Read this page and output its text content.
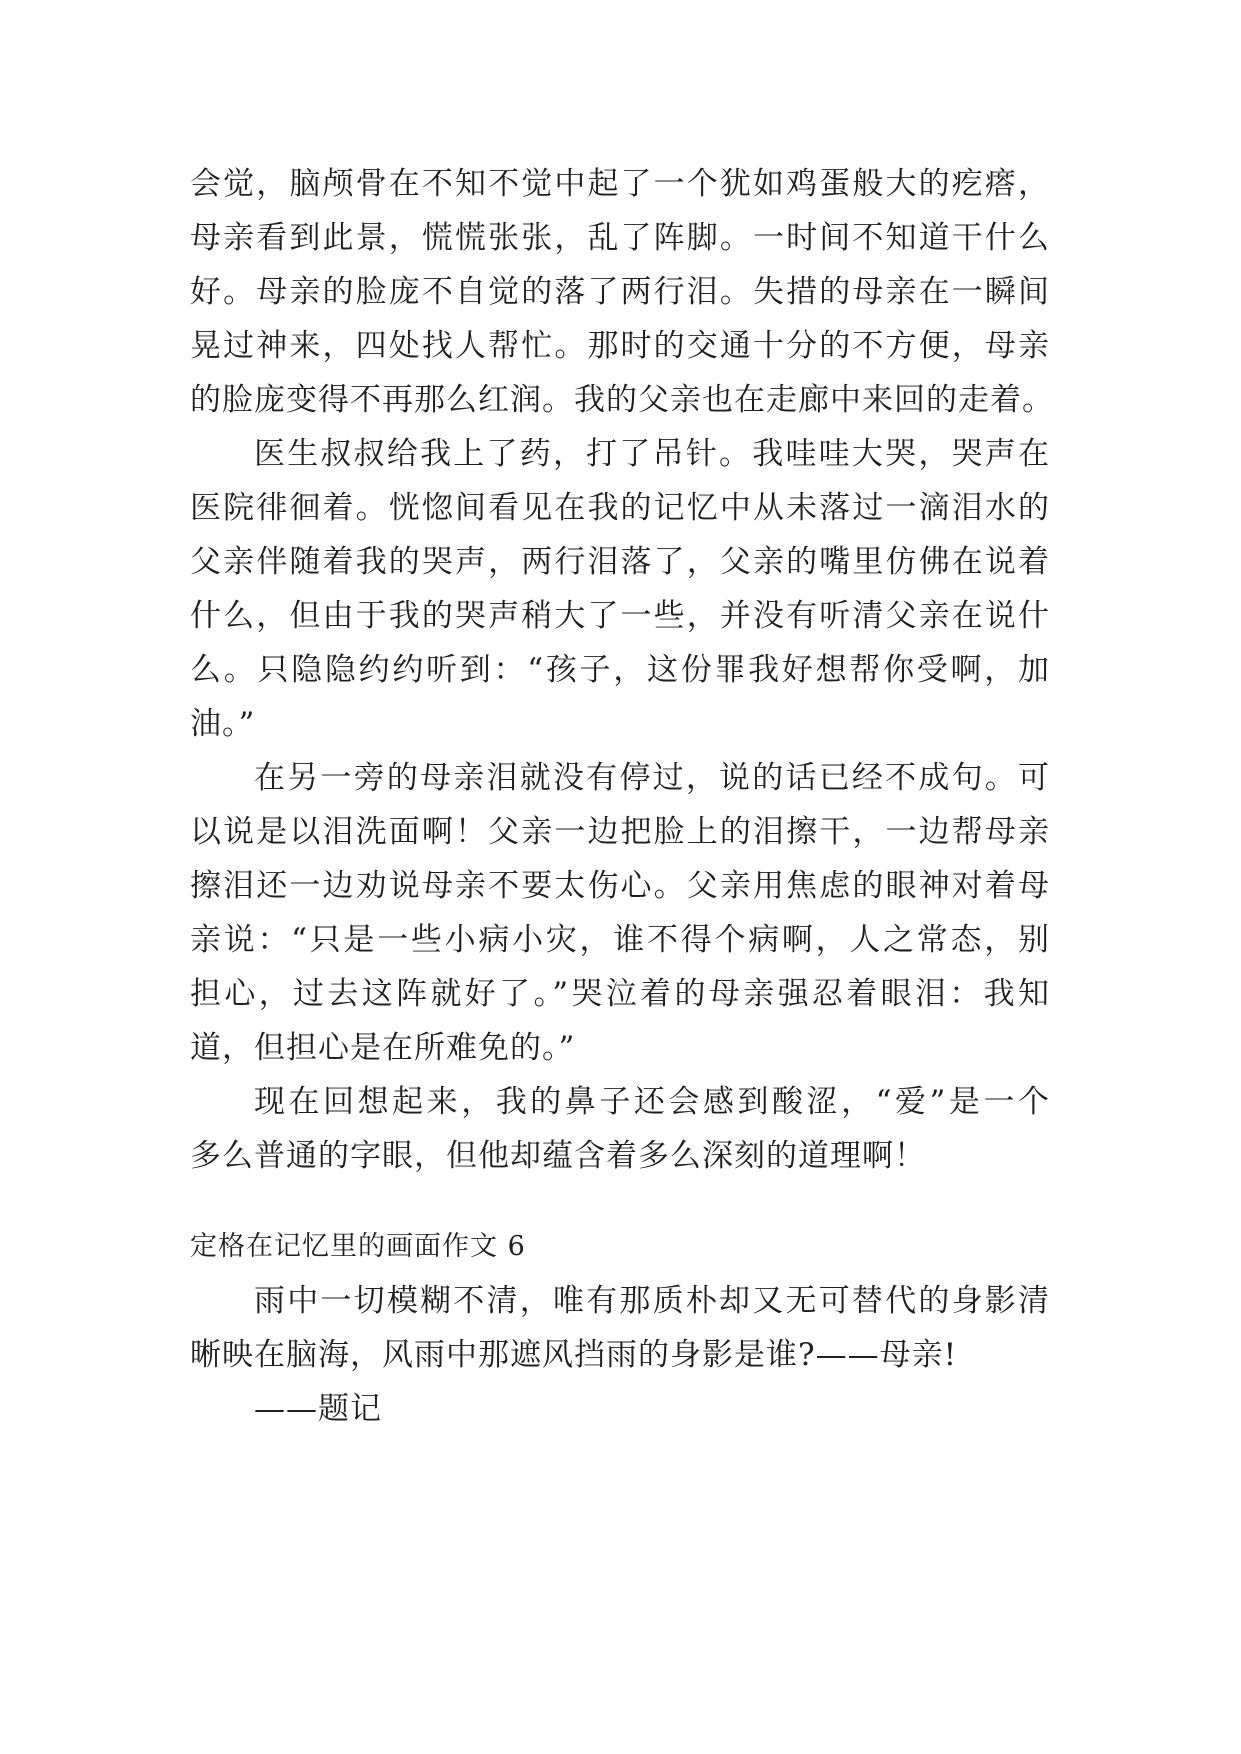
会觉，脑颅骨在不知不觉中起了一个犹如鸡蛋般大的疙瘩，
母亲看到此景，慌慌张张，乱了阵脚。一时间不知道干什么
好。母亲的脸庞不自觉的落了两行泪。失措的母亲在一瞬间
晃过神来，四处找人帮忙。那时的交通十分的不方便，母亲
的脸庞变得不再那么红润。我的父亲也在走廊中来回的走着。
医生叔叔给我上了药，打了吊针。我哇哇大哭，哭声在
医院徘徊着。恍惚间看见在我的记忆中从未落过一滴泪水的
父亲伴随着我的哭声，两行泪落了，父亲的嘴里仿佛在说着
什么，但由于我的哭声稍大了一些，并没有听清父亲在说什
么。只隐隐约约听到：“孩子，这份罪我好想帮你受啊，加
油。”
在另一旁的母亲泪就没有停过，说的话已经不成句。可
以说是以泪洗面啊！父亲一边把脸上的泪擦干，一边帮母亲
擦泪还一边劝说母亲不要太伤心。父亲用焦虑的眼神对着母
亲说：“只是一些小病小灾，谁不得个病啊，人之常态，别
担心，过去这阵就好了。”哭泣着的母亲强忍着眼泪：我知
道，但担心是在所难免的。”
现在回想起来，我的鼻子还会感到酸涩，“爱”是一个
多么普通的字眼，但他却蕴含着多么深刻的道理啊！
定格在记忆里的画面作文 6
雨中一切模糊不清，唯有那质朴却又无可替代的身影清
晰映在脑海，风雨中那遮风挡雨的身影是谁?——母亲!
——题记
